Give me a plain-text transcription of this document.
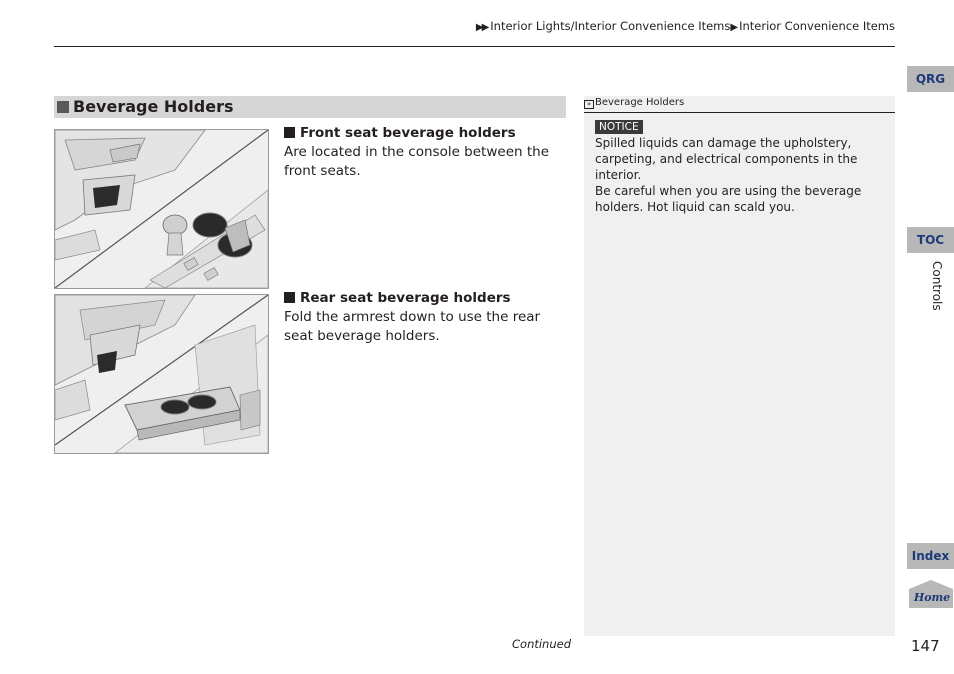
▶▶ Interior Lights/Interior Convenience Items▶ Interior Convenience Items
Beverage Holders
Front seat beverage holders
Are located in the console between the front seats.
Rear seat beverage holders
Fold the armrest down to use the rear seat beverage holders.
» Beverage Holders
NOTICE
Spilled liquids can damage the upholstery, carpeting, and electrical components in the interior.
Be careful when you are using the beverage holders. Hot liquid can scald you.
QRG
TOC
Controls
Index
Home
Continued	147
